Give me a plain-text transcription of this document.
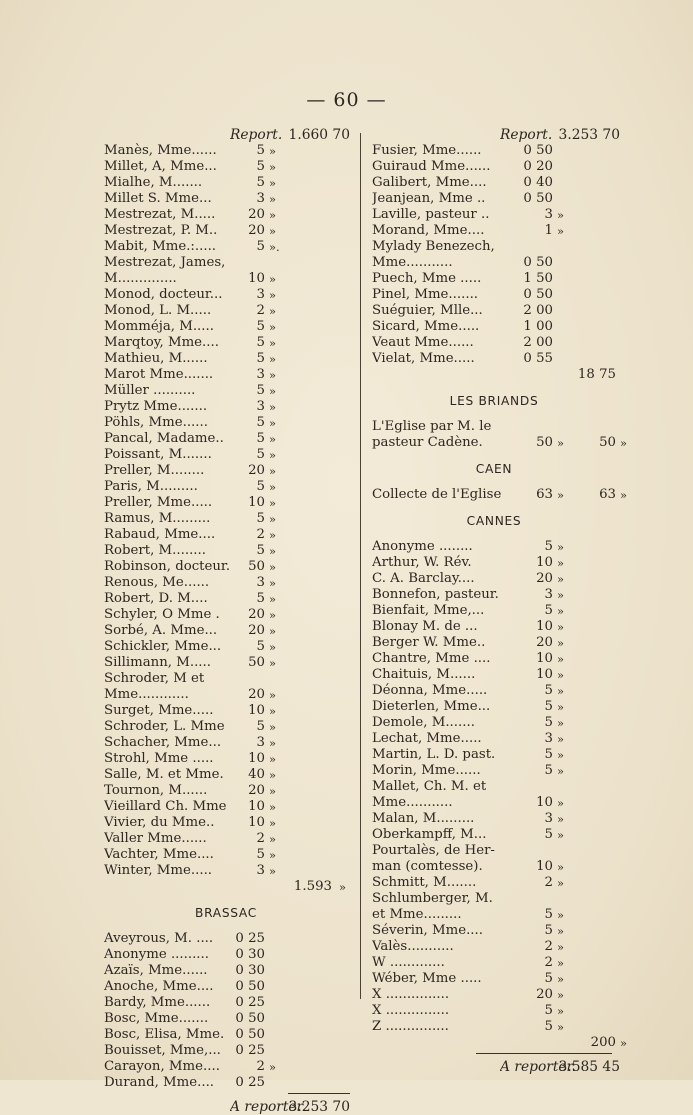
— 60 —
Report. 1.660 70
Manès, Mme......	5 »
Millet, A, Mme...	5 »
Mialhe, M.......	5 »
Millet S. Mme...	3 »
Mestrezat, M.....	20 »
Mestrezat, P. M..	20 »
Mabit, Mme.:.....	5 ».
Mestrezat, James,
M..............	10 »
Monod, docteur...	3 »
Monod, L. M.....	2 »
Momméja, M.....	5 »
Marqtoy, Mme....	5 »
Mathieu, M......	5 »
Marot Mme.......	3 »
Müller ..........	5 »
Prytz Mme.......	3 »
Pöhls, Mme......	5 »
Pancal, Madame..	5 »
Poissant, M.......	5 »
Preller, M........	20 »
Paris, M.........	5 »
Preller, Mme.....	10 »
Ramus, M.........	5 »
Rabaud, Mme....	2 »
Robert, M........	5 »
Robinson, docteur.	50 »
Renous, Me......	3 »
Robert, D. M....	5 »
Schyler, O Mme .	20 »
Sorbé, A. Mme...	20 »
Schickler, Mme...	5 »
Sillimann, M.....	50 »
Schroder, M et
Mme............	20 »
Surget, Mme.....	10 »
Schroder, L. Mme	5 »
Schacher, Mme...	3 »
Strohl, Mme .....	10 »
Salle, M. et Mme.	40 »
Tournon, M......	20 »
Vieillard Ch. Mme	10 »
Vivier, du Mme..	10 »
Valler Mme......	2 »
Vachter, Mme....	5 »
Winter, Mme.....	3 »
1.593 »
BRASSAC
Aveyrous, M. ....	0 25
Anonyme .........	0 30
Azaïs, Mme......	0 30
Anoche, Mme....	0 50
Bardy, Mme......	0 25
Bosc, Mme.......	0 50
Bosc, Elisa, Mme. 0 50
Bouisset, Mme,...	0 25
Carayon, Mme....	2 »
Durand, Mme....	0 25
A reporter.
3.253 70
Report. 3.253 70
Fusier, Mme......	0 50
Guiraud Mme......	0 20
Galibert, Mme....	0 40
Jeanjean, Mme ..	0 50
Laville, pasteur ..	3 »
Morand, Mme....	1 »
Mylady Benezech,
Mme...........	0 50
Puech, Mme .....	1 50
Pinel, Mme.......	0 50
Suéguier, Mlle...	2 00
Sicard, Mme.....	1 00
Veaut Mme......	2 00
Vielat, Mme.....	0 55
18 75
LES BRIANDS
L'Eglise par M. le
pasteur Cadène.	50 »	50 »
CAEN
Collecte de l'Eglise	63 »	63 »
CANNES
Anonyme ........	5 »
Arthur, W. Rév.	10 »
C. A. Barclay....	20 »
Bonnefon, pasteur.	3 »
Bienfait, Mme,...	5 »
Blonay M. de ...	10 »
Berger W. Mme..	20 »
Chantre, Mme ....	10 »
Chaituis, M......	10 »
Déonna, Mme.....	5 »
Dieterlen, Mme...	5 »
Demole, M.......	5 »
Lechat, Mme.....	3 »
Martin, L. D. past.	5 »
Morin, Mme......	5 »
Mallet, Ch. M. et
Mme...........	10 »
Malan, M.........	3 »
Oberkampff, M...	5 »
Pourtalès, de Her-
man (comtesse).	10 »
Schmitt, M.......	2 »
Schlumberger, M.
et Mme.........	5 »
Séverin, Mme....	5 »
Valès...........	2 »
W .............	2 »
Wéber, Mme .....	5 »
X ...............	20 »
X ...............	5 »
Z ...............	5 »
200 »
A reporter.
3.585 45
